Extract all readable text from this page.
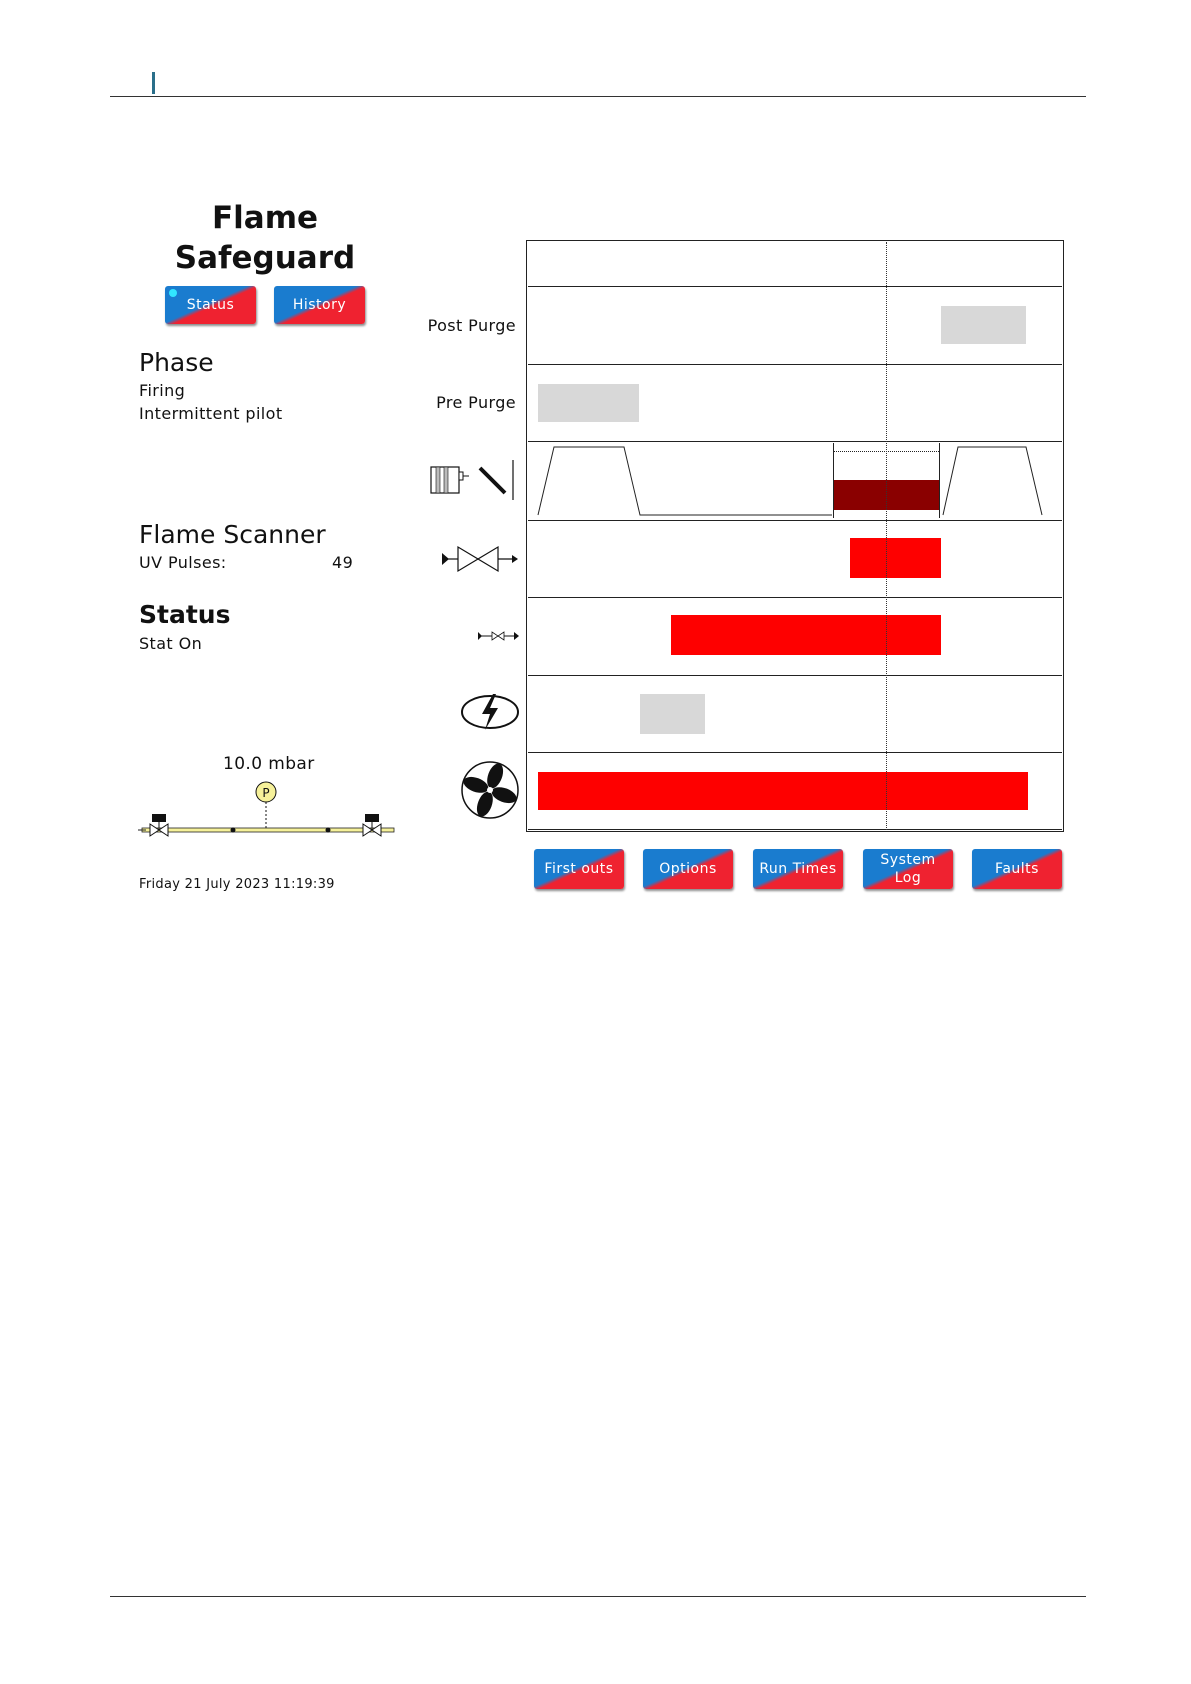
Flame
Safeguard
Status	History
Phase
Firing
Intermittent pilot
Flame Scanner
UV Pulses:	49
Status
Stat On
10.0 mbar
P
Friday 21 July 2023 11:19:39
Post Purge
Pre Purge
First outs	Options	Run Times
System
Log
Faults
